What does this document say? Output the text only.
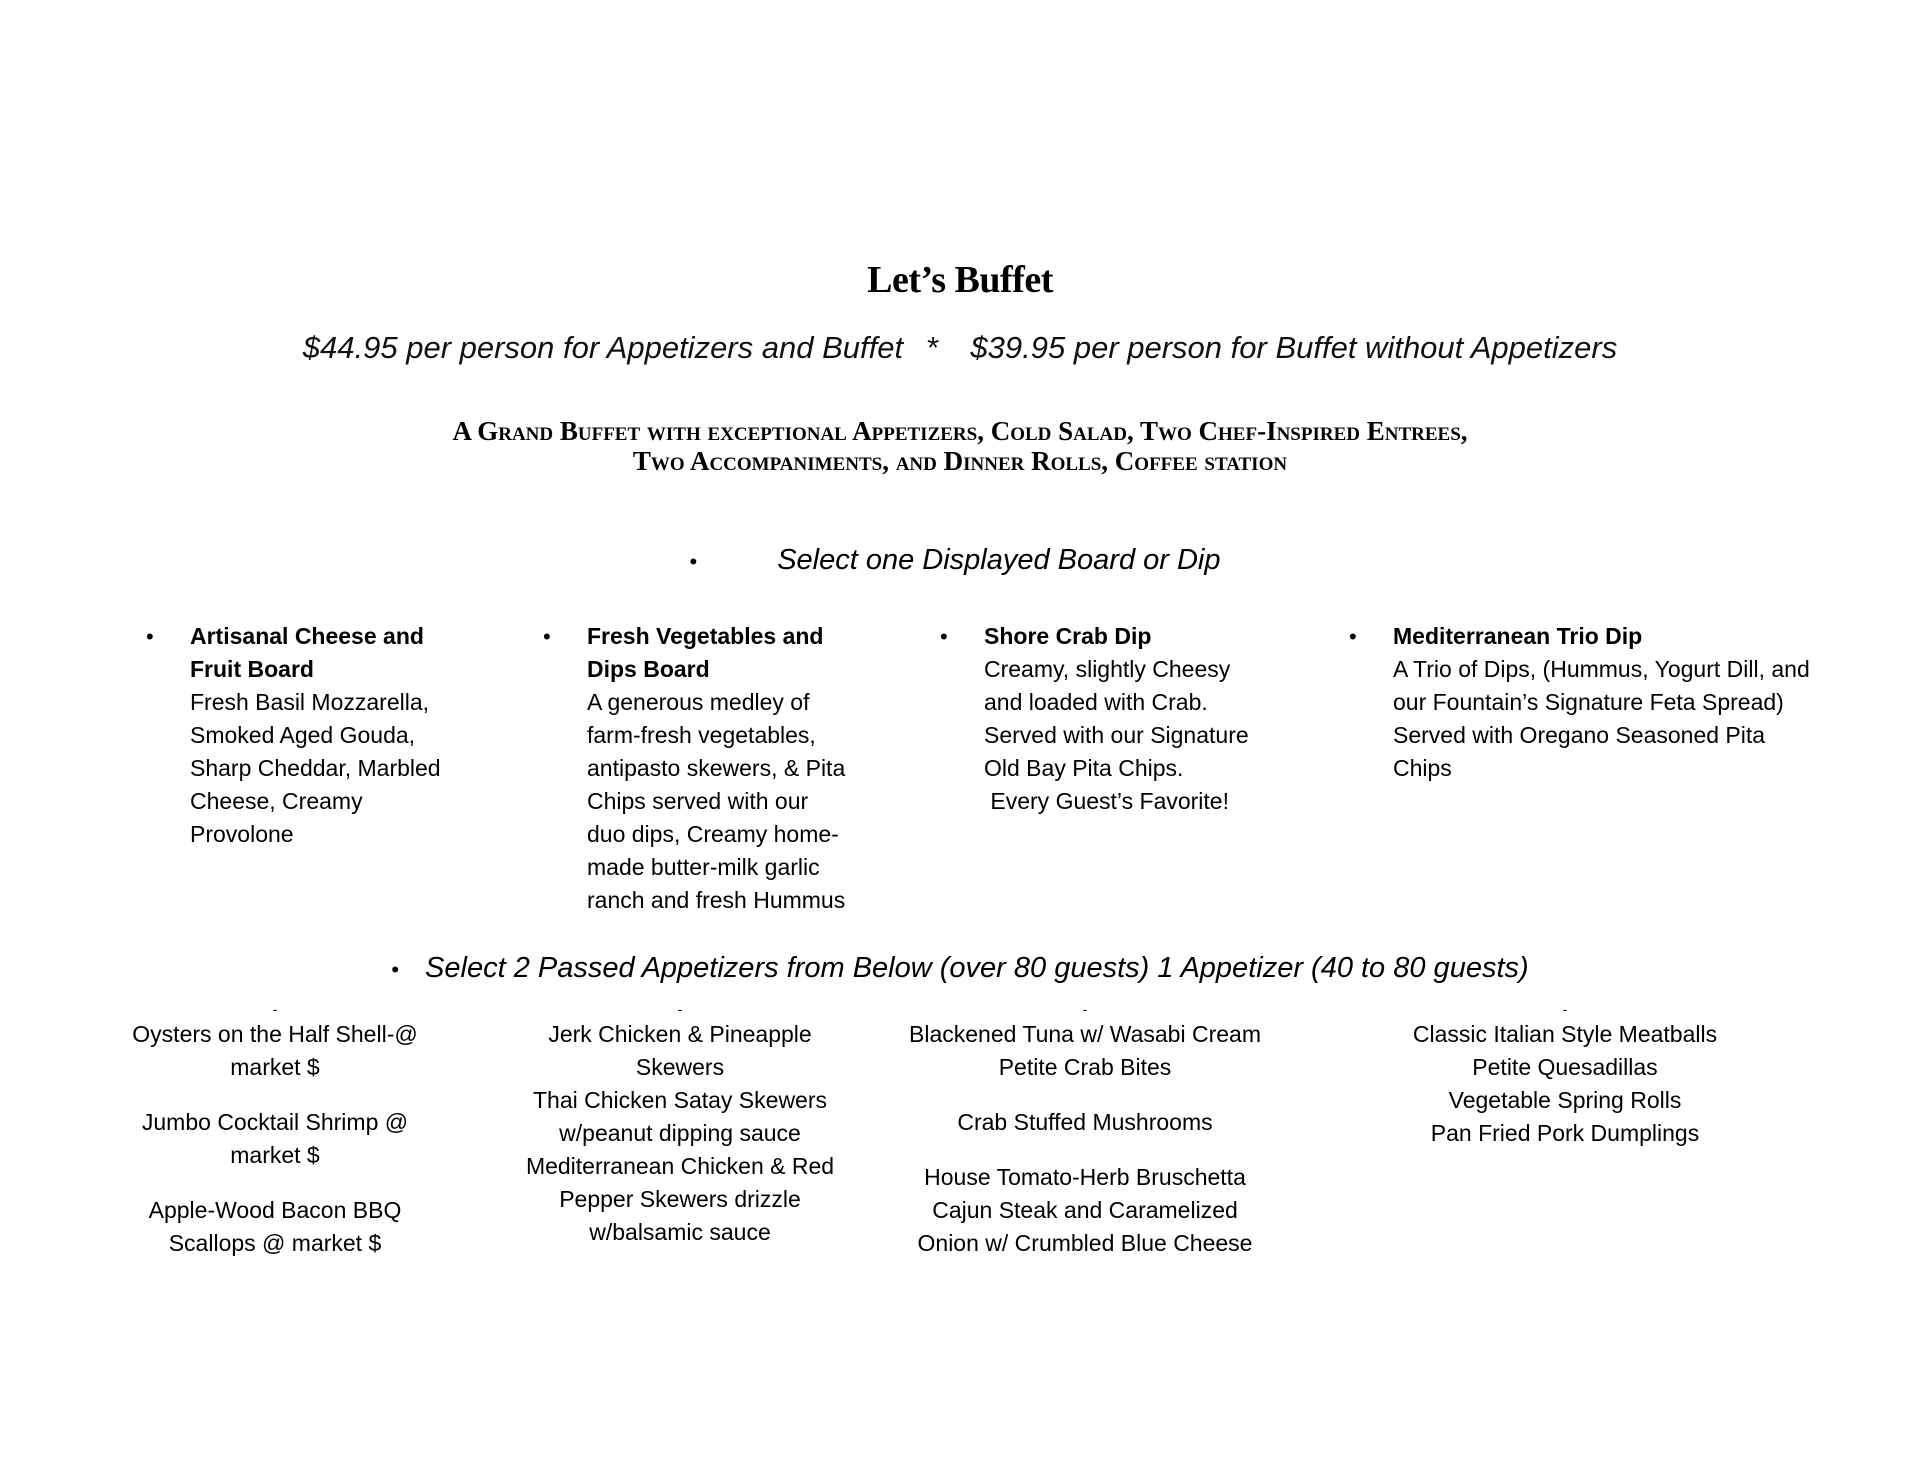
Let’s Buffet
$44.95 per person for Appetizers and Buffet * $39.95 per person for Buffet without Appetizers
A Grand Buffet with exceptional Appetizers, Cold Salad, Two Chef-Inspired Entrees,
Two Accompaniments, and Dinner Rolls, Coffee station
•	Select one Displayed Board or Dip
• Artisanal Cheese and
Fruit Board
Fresh Basil Mozzarella,
Smoked Aged Gouda,
Sharp Cheddar, Marbled
Cheese, Creamy
Provolone
• Fresh Vegetables and
Dips Board
A generous medley of
farm-fresh vegetables,
antipasto skewers, & Pita
Chips served with our
duo dips, Creamy home-
made butter-milk garlic
ranch and fresh Hummus
• Shore Crab Dip
Creamy, slightly Cheesy
and loaded with Crab.
Served with our Signature
Old Bay Pita Chips.
Every Guest’s Favorite!
• Mediterranean Trio Dip
A Trio of Dips, (Hummus, Yogurt Dill, and
our Fountain’s Signature Feta Spread)
Served with Oregano Seasoned Pita
Chips
• Select 2 Passed Appetizers from Below (over 80 guests) 1 Appetizer (40 to 80 guests)
-
Oysters on the Half Shell-@
market $
Jumbo Cocktail Shrimp @
market $
Apple-Wood Bacon BBQ
Scallops @ market $
-
Jerk Chicken & Pineapple
Skewers
Thai Chicken Satay Skewers
w/peanut dipping sauce
Mediterranean Chicken & Red
Pepper Skewers drizzle
w/balsamic sauce
-
Blackened Tuna w/ Wasabi Cream
Petite Crab Bites
Crab Stuffed Mushrooms
House Tomato-Herb Bruschetta
Cajun Steak and Caramelized
Onion w/ Crumbled Blue Cheese
-
Classic Italian Style Meatballs
Petite Quesadillas
Vegetable Spring Rolls
Pan Fried Pork Dumplings
